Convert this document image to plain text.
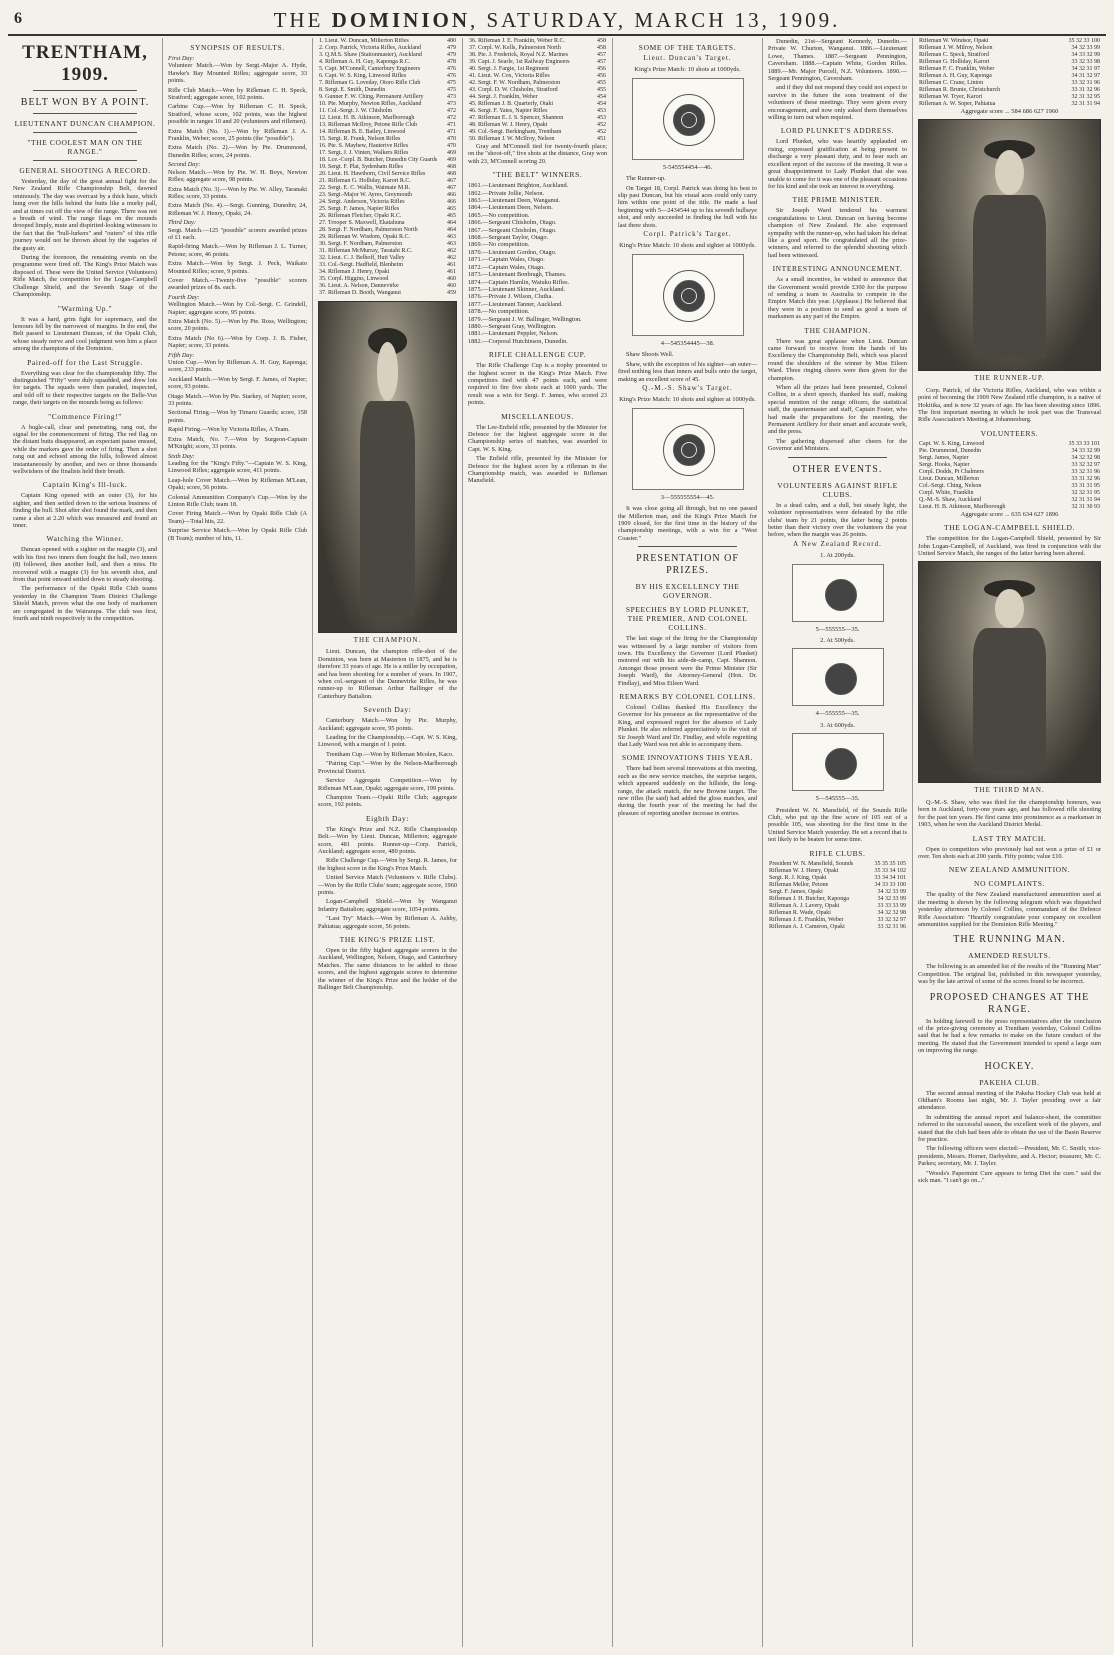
6	THE DOMINION, SATURDAY, MARCH 13, 1909.
TRENTHAM, 1909.
BELT WON BY A POINT.
LIEUTENANT DUNCAN CHAMPION.
"THE COOLEST MAN ON THE RANGE."
GENERAL SHOOTING A RECORD.

Yesterday, the day of the great annual fight for the New Zealand Rifle Championship Belt, dawned ominously. The day was overcast by a thick haze, which hung over the hills behind the butts like a murky pall, and at times cut off the view of the range. There was not a breath of wind. The range flags on the mounds drooped limply, mute and dispirited-looking witnesses to the fact that the "bull-lurkers" and "outers" of this rifle journey would not be thrown about by the vagaries of the gusty air.

During the forenoon, the remaining events on the programme were fired off. The King's Prize Match was disposed of. These were the United Service (Volunteers) Rifle Match, the competition for the Logan-Campbell Challenge Shield, and the Seventh Stage of the Championship.

"Warming Up."

It was a hard, grim fight for supremacy, and the honours fell by the narrowest of margins. In the end, the Belt passed to Lieutenant Duncan, of the Opaki Club, whose steady nerve and cool judgment won him a place among the champions of the Dominion.

Paired-off for the Last Struggle.

Everything was clear for the championship fifty. The distinguished "Fifty" were duly squadded, and drew lots for targets. The squads were then paraded, inspected, and told off to their respective targets on the Belle-Vue range, their targets on the mounds being as follows:

"Commence Firing!"

A bugle-call, clear and penetrating, rang out, the signal for the commencement of firing. The red flag on the distant butts disappeared, an expectant pause ensued, while the markers gave the order of firing. Then a shot rang out and echoed among the hills, followed almost instantaneously by another, and two or three thousands wellwishers of the finalists held their breath.

Captain King's Ill-luck.

Captain King opened with an outer (3), for his sighter, and then settled down to the serious business of finding the bull. Shot after shot found the mark, and then came a shot at 2.20 which was measured and found an inner.

Watching the Winner.

Duncan opened with a sighter on the magpie (3), and with his first two inners then fought the ball, two inners (8) followed, then another bull, and then a miss. He recovered with a magpie (3) for his seventh shot, and from that point onward settled down to steady shooting.

The performance of the Opaki Rifle Club teams yesterday in the Champion Team District Challenge Shield Match, proves what the one body of marksmen are congregated in the Wairarapa. The club was first, fourth and ninth respectively in the competition.

SYNOPSIS OF RESULTS.
First Day:
Volunteer Match.—Won by Sergt.-Major A. Hyde, Hawke's Bay Mounted Rifles; aggregate score, 33 points.
Rifle Club Match.—Won by Rifleman C. H. Speck, Stratford; aggregate score, 102 points.
Carbine Cup.—Won by Rifleman C. H. Speck, Stratford, whose score, 102 points, was the highest possible in ranges 10 and 20 (volunteers and riflemen).
Extra Match (No. 1).—Won by Rifleman J. A. Franklin, Weber; score, 25 points (the "possible").
Extra Match (No. 2).—Won by Pte. Drummond, Dunedin Rifles; score, 24 points.
Second Day:
Nelson Match.—Won by Pte. W. H. Boys, Newton Rifles; aggregate score, 98 points.
Extra Match (No. 3).—Won by Pte. W. Alley, Taranaki Rifles; score, 33 points.
Extra Match (No. 4).—Sergt. Gunning, Dunedin; 24, Rifleman W. J. Henry, Opaki, 24.
Third Day:
Sergt. Match.—125 "possible" scorers awarded prizes of £1 each.
Rapid-firing Match.—Won by Rifleman J. L. Turner, Petone; score, 46 points.
Extra Match.—Won by Sergt. J. Peck, Waikato Mounted Rifles; score, 9 points.
Cover Match.—Twenty-five "possible" scorers awarded prizes of 8s. each.
Fourth Day:
Wellington Match.—Won by Col.-Sergt. C. Grindell, Napier; aggregate score, 95 points.
Extra Match (No. 5).—Won by Pte. Ross, Wellington; score, 20 points.
Extra Match (No 6).—Won by Corp. J. B. Fisher, Napier; score, 33 points.
Fifth Day:
Union Cup.—Won by Rifleman A. H. Guy, Kaponga; score, 233 points.
Auckland Match.—Won by Sergt. F. James, of Napier; score, 93 points.
Otago Match.—Won by Pte. Starkey, of Napier; score, 33 points.
Sectional Firing.—Won by Timaru Guards; score, 158 points.
Rapid Firing.—Won by Victoria Rifles, A Team.
Extra Match, No. 7.—Won by Surgeon-Captain M'Knight; score, 33 points.
Sixth Day:
Leading for the "King's Fifty."—Captain W. S. King, Linwood Rifles; aggregate score, 411 points.
Leap-hole Cover Match.—Won by Rifleman M'Lean, Opaki; score, 56 points.
Colonial Ammunition Company's Cup.—Won by the Linton Rifle Club; team 18.
Cover Firing Match.—Won by Opaki Rifle Club (A Team)—Total hits, 22.
Surprise Service Match.—Won by Opaki Rifle Club (B Team); number of hits, 11.
1. Lieut. W. Duncan, Millerton Rifles	480
2. Corp. Patrick, Victoria Rifles, Auckland	479
3. Q.M.S. Shaw (Stationmaster), Auckland	479
4. Rifleman A. H. Guy, Kaponga R.C.	478
5. Capt. M'Connell, Canterbury Engineers	476
6. Capt. W. S. King, Linwood Rifles	476
7. Rifleman G. Loveday, Otoro Rifle Club	475
8. Sergt. E. Smith, Dunedin	475
9. Gunner F. W. Ching, Permanent Artillery	473
10. Pte. Murphy, Newton Rifles, Auckland	473
11. Col.-Sergt. J. W. Chisholm	472
12. Lieut. H. B. Atkinson, Marlborough	472
13. Rifleman McIlroy, Petone Rifle Club	471
14. Rifleman B. E. Bailey, Linwood	471
15. Sergt. R. Frank, Nelson Rifles	470
16. Pte. S. Mayhew, Hauterive Rifles	470
17. Sergt. J. J. Vinten, Walkers Rifles	469
18. Lce.-Corpl. B. Butcher, Dunedin City Guards	469
19. Sergt. F. Plat, Sydenham Rifles	468
20. Lieut. H. Hawthorn, Civil Service Rifles	468
21. Rifleman G. Holliday, Karori R.C.	467
22. Sergt. E. C. Wallis, Waimate M.R.	467
23. Sergt.-Major W. Ayres, Greymouth	466
24. Sergt. Anderson, Victoria Rifles	466
25. Sergt. F. James, Napier Rifles	465
26. Rifleman Fletcher, Opaki R.C.	465
27. Trooper S. Maxwell, Ekatahuna	464
28. Sergt. F. Nordham, Palmerston North	464
29. Rifleman W. Wisdom, Opaki R.C.	463
30. Sergt. F. Nordham, Palmerston	463
31. Rifleman McMurray, Taratahi R.C.	462
32. Lieut. C. J. Belhoff, Hutt Valley	462
33. Col.-Sergt. Hadfield, Blenheim	461
34. Rifleman J. Henry, Opaki	461
35. Corpl. Higgins, Linwood	460
36. Lieut. A. Nelson, Dannevirke	460
37. Rifleman D. Booth, Wanganui	459
THE CHAMPION.

Lieut. Duncan, the champion rifle-shot of the Dominion, was born at Masterton in 1875, and he is therefore 33 years of age. He is a miller by occupation, and has been shooting for a number of years. In 1907, when col.-sergeant of the Dannevirke Rifles, he was runner-up to Rifleman Arthur Ballinger of the Canterbury Battalion.

Seventh Day:

Canterbury Match.—Won by Pte. Murphy, Auckland; aggregate score, 95 points.

Leading for the Championship.—Capt. W. S. King, Linwood, with a margin of 1 point.

Trentham Cup.—Won by Rifleman Mcolen, Kaco.

"Pairing Cup."—Won by the Nelson-Marlborough Provincial District.

Service Aggregate Competition.—Won by Rifleman M'Lean, Opaki; aggregate score, 199 points.

Champion Team.—Opaki Rifle Club; aggregate score, 192 points.

Eighth Day:

The King's Prize and N.Z. Rifle Championship Belt.—Won by Lieut. Duncan, Millerton; aggregate score, 481 points. Runner-up—Corp. Patrick, Auckland; aggregate score, 480 points.

Rifle Challenge Cup.—Won by Sergt. R. James, for the highest score in the King's Prize Match.

United Service Match (Volunteers v. Rifle Clubs).—Won by the Rifle Clubs' team; aggregate score, 1960 points.

Logan-Campbell Shield.—Won by Wanganui Infantry Battalion; aggregate score, 1054 points.

"Last Try" Match.—Won by Rifleman A. Ashby, Pahiatua; aggregate score, 56 points.

THE KING'S PRIZE LIST.

Open to the fifty highest aggregate scorers in the Auckland, Wellington, Nelson, Otago, and Canterbury Matches. The same distances to be added to those scores, and the highest aggregate scores to determine the winner of the King's Prize and the holder of the Ballinger Belt Championship.

36. Rifleman J. E. Franklin, Weber R.C.	458
37. Corpl. W. Kells, Palmerston North	458
38. Pte. J. Frederick, Royal N.Z. Marines	457
39. Capt. J. Searle, 1st Railway Engineers	457
40. Sergt. J. Fargie, 1st Regiment	456
41. Lieut. W. Cox, Victoria Rifles	456
42. Sergt. F. W. Nordham, Palmerston	455
43. Corpl. D. W. Chisholm, Stratford	455
44. Sergt. J. Franklin, Weber	454
45. Rifleman J. B. Quarterly, Otaki	454
46. Sergt. F. Yates, Napier Rifles	453
47. Rifleman E. J. S. Spencer, Shannon	453
48. Rifleman W. J. Henry, Opaki	452
49. Col.-Sergt. Berkingham, Trentham	452
50. Rifleman J. W. McIlroy, Nelson	451

Gray and M'Connell tied for twenty-fourth place; on the "shoot-off," five shots at the distance, Gray won with 23, M'Connell scoring 20.

"THE BELT" WINNERS.
1861.—Lieutenant Brighton, Auckland.
1862.—Private Jollie, Nelson.
1863.—Lieutenant Deen, Wanganui.
1864.—Lieutenant Deen, Nelson.
1865.—No competition.
1866.—Sergeant Chisholm, Otago.
1867.—Sergeant Chisholm, Otago.
1868.—Sergeant Taylor, Otago.
1869.—No competition.
1870.—Lieutenant Gordon, Otago.
1871.—Captain Wales, Otago.
1872.—Captain Wales, Otago.
1873.—Lieutenant Bonbragh, Thames.
1874.—Captain Hamlin, Waiuku Rifles.
1875.—Lieutenant Skinner, Auckland.
1876.—Private J. Wilson, Clutha.
1877.—Lieutenant Tanner, Auckland.
1878.—No competition.
1879.—Sergeant J. W. Ballinger, Wellington.
1880.—Sergeant Gray, Wellington.
1881.—Lieutenant Peppler, Nelson.
1882.—Corporal Hutchinson, Dunedin.
RIFLE CHALLENGE CUP.

The Rifle Challenge Cup is a trophy presented to the highest scorer in the King's Prize Match. Five competitors tied with 47 points each, and were required to fire five shots each at 1000 yards. The result was a win for Sergt. F. James, who scored 23 points.

MISCELLANEOUS.

The Lee-Enfield rifle, presented by the Minister for Defence for the highest aggregate score in the Championship series of matches, was awarded to Capt. W. S. King.

The Enfield rifle, presented by the Minister for Defence for the highest score by a rifleman in the Championship match, was awarded to Rifleman Mansfield.

SOME OF THE TARGETS.
Lieut. Duncan's Target.
King's Prize Match: 10 shots at 1000yds.
5-545554454—46.

The Runner-up.

On Target 18, Corpl. Patrick was doing his best to slip past Duncan, but his visual aces could only carry him within one point of the title. He made a bad beginning with 5—2434544 up to his seventh bullseye shot, and only succeeded in finding the bull with his last three shots.

Corpl. Patrick's Target.
King's Prize Match: 10 shots and sighter at 1000yds.
4—545354445—38.

Shaw Shoots Well.

Shaw, with the exception of his sighter—an outer—fired nothing less than inners and bulls onto the target, making an excellent score of 45.

Q.-M.-S. Shaw's Target.
King's Prize Match: 10 shots and sighter at 1000yds.
3—555555554—45.

It was close going all through, but no one passed the Millerton man, and the King's Prize Match for 1909 closed, for the first time in the history of the championship meetings, with a win for a "West Coaster."

PRESENTATION OF PRIZES.
BY HIS EXCELLENCY THE GOVERNOR.
SPEECHES BY LORD PLUNKET, THE PREMIER, AND COLONEL COLLINS.

The last stage of the firing for the Championship was witnessed by a large number of visitors from town. His Excellency the Governor (Lord Plunket) motored out with his aide-de-camp, Capt. Shannon. Amongst those present were the Prime Minister (Sir Joseph Ward), the Attorney-General (Hon. Dr. Findlay), and Miss Eileen Ward.

REMARKS BY COLONEL COLLINS.

Colonel Collins thanked His Excellency the Governor for his presence as the representative of the King, and expressed regret for the absence of Lady Plunket. He also referred appreciatively to the visit of Sir Joseph Ward and Dr. Findlay, and while regretting that Lady Ward was not able to accompany them.

SOME INNOVATIONS THIS YEAR.

There had been several innovations at this meeting, such as the new service matches, the surprise targets, which appeared suddenly on the hillside, the long-range, the attack match, the new Browne target. The new rifles (he said) had added the gloss matches, and during the fourth year of the meeting he had the pleasure of reporting another increase in entries.

Dunedin, 21st—Sergeant Kennedy, Dunedin.—Private W. Churton, Wanganui. 1886.—Lieutenant Lowe, Thames. 1887.—Sergeant Pennington, Caversham. 1888.—Captain White, Gordon Rifles. 1889.—Mr. Major Purcell, N.Z. Volunteers. 1890.—Sergeant Pennington, Caversham.

and if they did not respond they could not expect to survive in the future the sons treatment of the volunteers of these meetings. They were given every encouragement, and now only asked them themselves willing to turn out when required.

LORD PLUNKET'S ADDRESS.

Lord Plunket, who was heartily applauded on rising, expressed gratification at being present to discharge a very pleasant duty, and to hear such an excellent report of the success of the meeting. It was a great disappointment to Lady Plunket that she was unable to come for it was one of the pleasant occasions for his kind and she took an interest in everything.

THE PRIME MINISTER.

Sir Joseph Ward tendered his warmest congratulations to Lieut. Duncan on having become champion of New Zealand. He also expressed sympathy with the runner-up, who had taken his defeat like a good sport. He congratulated all the prize-winners, and referred to the splendid shooting which had been witnessed.

INTERESTING ANNOUNCEMENT.

As a small incentive, he wished to announce that the Government would provide £300 for the purpose of sending a team to Australia to compete in the Empire Match this year. (Applause.) He believed that they were in a position to send as good a team of marksmen as any part of the Empire.

THE CHAMPION.

There was great applause when Lieut. Duncan came forward to receive from the hands of his Excellency the Championship Belt, which was placed round the shoulders of the winner by Miss Eileen Ward. Three ringing cheers were then given for the champion.

When all the prizes had been presented, Colonel Collins, in a short speech, thanked his staff, making special mention of the range officers, the statistical staff, the quartermaster and staff, Captain Foster, who had made the preparations for the meeting, the Permanent Artillery for their smart and accurate work, and the press.

The gathering dispersed after cheers for the Governor and Ministers.

OTHER EVENTS.
VOLUNTEERS AGAINST RIFLE CLUBS.

In a dead calm, and a dull, but steady light, the volunteer representatives were defeated by the rifle clubs' team by 21 points, the latter being 2 points better than their victory over the volunteers the year before, when the margin was 26 points.

A New Zealand Record.
1. At 200yds.
5—555555—35.
2. At 500yds.
4—555555—35.
3. At 600yds.
5—545555—35.

President W. N. Mansfield, of the Sounds Rifle Club, who put up the fine score of 105 out of a possible 105, was shooting for the first time in the United Service Match yesterday. He set a record that is not likely to be beaten for some time.

RIFLE CLUBS.
President W. N. Mansfield, Sounds	35 35 35 105
Rifleman W. J. Henry, Opaki	35 33 34 102
Sergt. R. J. King, Opaki	33 34 34 101
Rifleman Mellor, Petone	34 33 33 100
Sergt. F. James, Opaki	34 32 33 99
Rifleman J. H. Butcher, Kaponga	34 32 33 99
Rifleman A. J. Lavery, Opaki	33 33 33 99
Rifleman R. Wade, Opaki	34 32 32 98
Rifleman J. E. Franklin, Weber	33 32 32 97
Rifleman A. J. Cameron, Opaki	33 32 31 96
Rifleman W. Windsor, Opaki	35 32 33 100
Rifleman J. W. Milroy, Nelson	34 32 33 99
Rifleman C. Speck, Stratford	34 33 32 99
Rifleman G. Holliday, Karori	33 32 33 98
Rifleman F. C. Franklin, Weber	34 32 31 97
Rifleman A. H. Guy, Kaponga	34 31 32 97
Rifleman C. Crane, Linton	33 32 31 96
Rifleman R. Brunie, Christchurch	33 31 32 96
Rifleman W. Tryer, Karori	32 31 32 95
Rifleman A. W. Soper, Pahiatua	32 31 31 94
Aggregate score ... 584 686 627 1960
THE RUNNER-UP.

Corp. Patrick, of the Victoria Rifles, Auckland, who was within a point of becoming the 1909 New Zealand rifle champion, is a native of Hokitika, and is now 32 years of age. He has been shooting since 1896. The first important meeting in which he took part was the Transvaal Rifle Association's Meeting at Johannesburg.

VOLUNTEERS.
Capt. W. S. King, Linwood	35 33 33 101
Pte. Drummond, Dunedin	34 33 32 99
Sergt. James, Napier	34 32 32 98
Sergt. Hooks, Napier	33 32 32 97
Corpl. Dodds, Pt Chalmers	33 32 31 96
Lieut. Duncan, Millerton	33 31 32 96
Col.-Sergt. Ching, Nelson	33 31 31 95
Corpl. White, Franklin	32 32 31 95
Q.-M.-S. Shaw, Auckland	32 31 31 94
Lieut. H. B. Atkinson, Marlborough	32 31 30 93
Aggregate score ... 635 634 627 1896
THE LOGAN-CAMPBELL SHIELD.

The competition for the Logan-Campbell Shield, presented by Sir John Logan-Campbell, of Auckland, was fired in conjunction with the United Service Match, the ranges of the latter having been altered.

THE THIRD MAN.

Q.-M.-S. Shaw, who was third for the championship honours, was born in Auckland, forty-one years ago, and has followed rifle shooting for the past ten years. He first came into prominence as a marksman in 1903, when he won the Auckland District Medal.

LAST TRY MATCH.

Open to competitors who previously had not won a prize of £1 or over. Ten shots each at 200 yards. Fifty points; value £10.

NEW ZEALAND AMMUNITION.
NO COMPLAINTS.

The quality of the New Zealand manufactured ammunition used at the meeting is shown by the following telegram which was dispatched yesterday afternoon by Colonel Collins, commandant of the Defence Rifle Association: "Heartily congratulate your company on excellent ammunition supplied for the Dominion Rifle Meeting."

THE RUNNING MAN.
AMENDED RESULTS.

The following is an amended list of the results of the "Running Man" Competition. The original list, published in this newspaper yesterday, was by the late arrival of some of the scores found to be incorrect.

PROPOSED CHANGES AT THE RANGE.

In holding farewell to the press representatives after the conclusion of the prize-giving ceremony at Trentham yesterday, Colonel Collins said that he had a few remarks to make on the future conduct of the meeting. He stated that the Government intended to spend a large sum on improving the range.

HOCKEY.
PAKEHA CLUB.

The second annual meeting of the Pakeha Hockey Club was held at Oldham's Rooms last night, Mr. J. Tayler presiding over a fair attendance.

In submitting the annual report and balance-sheet, the committee referred to the successful season, the excellent work of the players, and stated that the club had been able to obtain the use of the Basin Reserve for practice.

The following officers were elected:—President, Mr. C. Smith; vice-presidents, Messrs. Horner, Darbyshire, and A. Hector; treasurer, Mr. C. Parkes; secretary, Mr. J. Tayler.

"Woods's Papermint Cure appears to bring Diet the cure." said the sick man. "I can't go on..."
